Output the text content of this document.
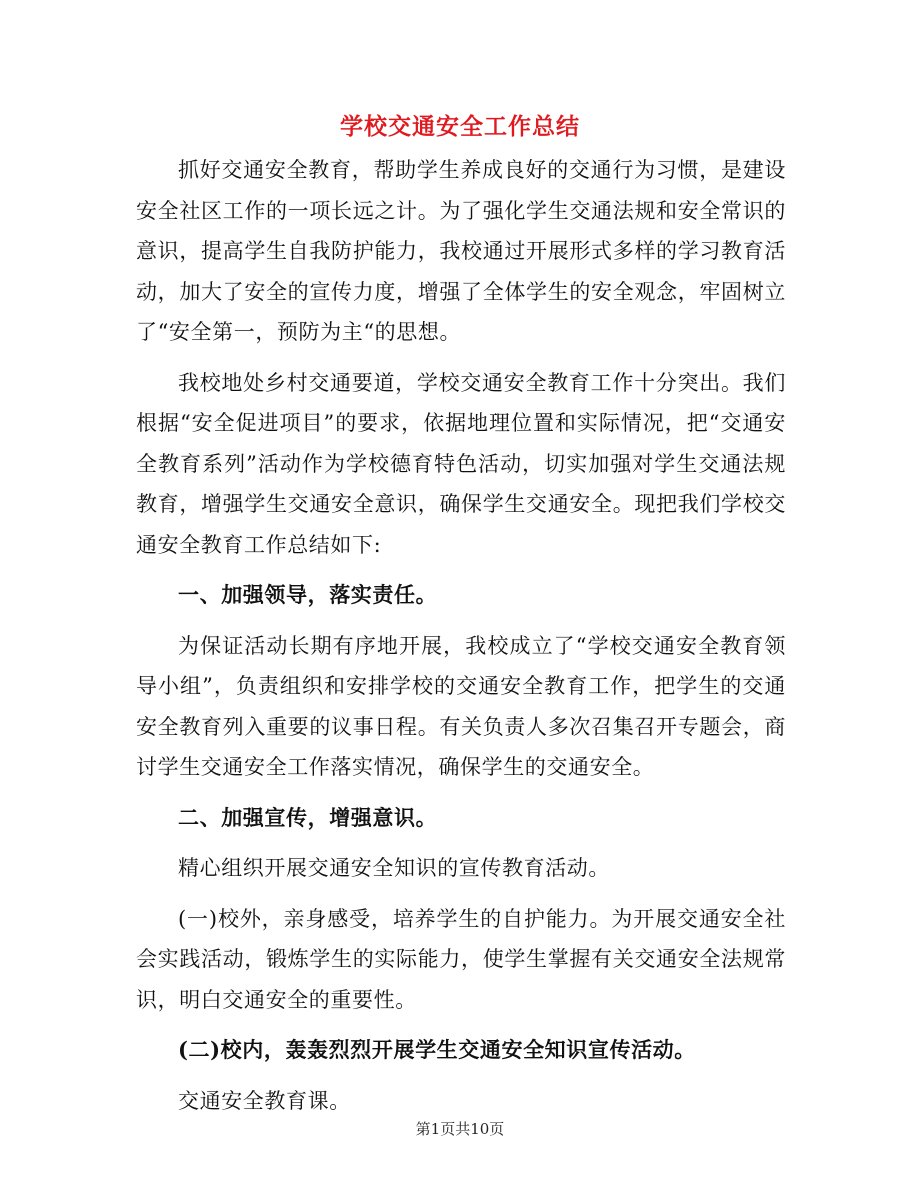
学校交通安全工作总结

抓好交通安全教育，帮助学生养成良好的交通行为习惯，是建设安全社区工作的一项长远之计。为了强化学生交通法规和安全常识的意识，提高学生自我防护能力，我校通过开展形式多样的学习教育活动，加大了安全的宣传力度，增强了全体学生的安全观念，牢固树立了“安全第一，预防为主“的思想。

我校地处乡村交通要道，学校交通安全教育工作十分突出。我们根据“安全促进项目”的要求，依据地理位置和实际情况，把“交通安全教育系列”活动作为学校德育特色活动，切实加强对学生交通法规教育，增强学生交通安全意识，确保学生交通安全。现把我们学校交通安全教育工作总结如下:

一、加强领导，落实责任。

为保证活动长期有序地开展，我校成立了“学校交通安全教育领导小组”，负责组织和安排学校的交通安全教育工作，把学生的交通安全教育列入重要的议事日程。有关负责人多次召集召开专题会，商讨学生交通安全工作落实情况，确保学生的交通安全。

二、加强宣传，增强意识。

精心组织开展交通安全知识的宣传教育活动。

(一)校外，亲身感受，培养学生的自护能力。为开展交通安全社会实践活动，锻炼学生的实际能力，使学生掌握有关交通安全法规常识，明白交通安全的重要性。

(二)校内，轰轰烈烈开展学生交通安全知识宣传活动。

交通安全教育课。

第1页共10页
